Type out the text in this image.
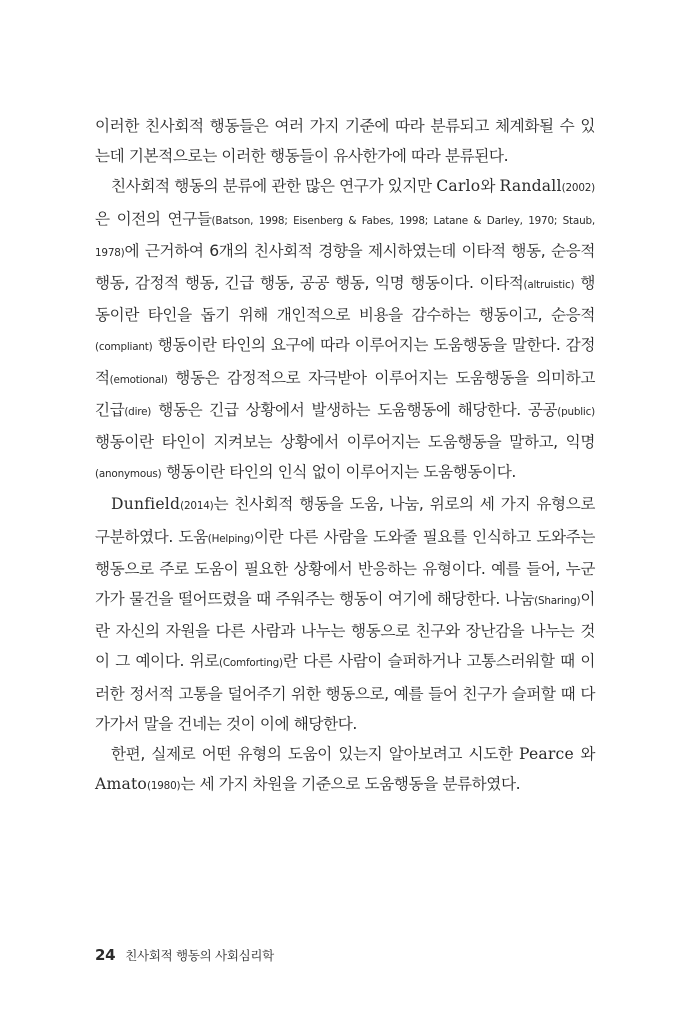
이러한 친사회적 행동들은 여러 가지 기준에 따라 분류되고 체계화될 수 있는데 기본적으로는 이러한 행동들이 유사한가에 따라 분류된다.

친사회적 행동의 분류에 관한 많은 연구가 있지만 Carlo와 Randall(2002)은 이전의 연구들(Batson, 1998; Eisenberg & Fabes, 1998; Latane & Darley, 1970; Staub, 1978)에 근거하여 6개의 친사회적 경향을 제시하였는데 이타적 행동, 순응적 행동, 감정적 행동, 긴급 행동, 공공 행동, 익명 행동이다. 이타적(altruistic) 행동이란 타인을 돕기 위해 개인적으로 비용을 감수하는 행동이고, 순응적(compliant) 행동이란 타인의 요구에 따라 이루어지는 도움행동을 말한다. 감정적(emotional) 행동은 감정적으로 자극받아 이루어지는 도움행동을 의미하고 긴급(dire) 행동은 긴급 상황에서 발생하는 도움행동에 해당한다. 공공(public) 행동이란 타인이 지켜보는 상황에서 이루어지는 도움행동을 말하고, 익명(anonymous) 행동이란 타인의 인식 없이 이루어지는 도움행동이다.

Dunfield(2014)는 친사회적 행동을 도움, 나눔, 위로의 세 가지 유형으로 구분하였다. 도움(Helping)이란 다른 사람을 도와줄 필요를 인식하고 도와주는 행동으로 주로 도움이 필요한 상황에서 반응하는 유형이다. 예를 들어, 누군가가 물건을 떨어뜨렸을 때 주워주는 행동이 여기에 해당한다. 나눔(Sharing)이란 자신의 자원을 다른 사람과 나누는 행동으로 친구와 장난감을 나누는 것이 그 예이다. 위로(Comforting)란 다른 사람이 슬퍼하거나 고통스러워할 때 이러한 정서적 고통을 덜어주기 위한 행동으로, 예를 들어 친구가 슬퍼할 때 다가가서 말을 건네는 것이 이에 해당한다.

한편, 실제로 어떤 유형의 도움이 있는지 알아보려고 시도한 Pearce 와 Amato(1980)는 세 가지 차원을 기준으로 도움행동을 분류하였다.

24 친사회적 행동의 사회심리학
